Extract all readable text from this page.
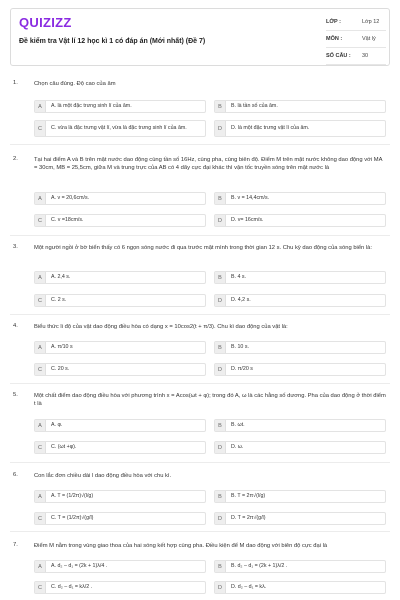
QUIZIZZ
Đề kiểm tra Vật lí 12 học kì 1 có đáp án (Mới nhất) (Đề 7)
LỚP :	Lớp 12
MÔN :	Vật lý
SỐ CÂU : 30
1.	Chọn câu đúng. Độ cao của âm
A	A. là một đặc trưng sinh lí của âm.	B	B. là tần số của âm.
C	C. vừa là đặc trưng vật lí, vừa là đặc trưng sinh lí của âm.	D	D. là một đặc trưng vật lí của âm.
2.	Tại hai điểm A và B trên mặt nước dao động cùng tần số 16Hz, cùng pha, cùng biên độ. Điểm M trên mặt nước không dao động với MA = 30cm, MB = 25,5cm, giữa M và trung trực của AB có 4 dãy cực đại khác thì vận tốc truyền sóng trên mặt nước là
A	A. v = 20,6cm/s.	B	B. v = 14,4cm/s.
C	C. v =18cm/s.	D	D. v= 16cm/s.
3.	Một người ngồi ở bờ biển thấy có 6 ngọn sóng nước đi qua trước mặt mình trong thời gian 12 s. Chu kỳ dao động của sóng biển là:
A	A. 2,4 s.	B	B. 4 s.
C	C. 2 s.	D	D. 4,2 s.
4.	Biểu thức li độ của vật dao động điều hòa có dạng x = 10cos2(t + π/3). Chu kì dao động của vật là:
A	A. π/10 s	B	B. 10 s.
C	C. 20 s.	D	D. π/20 s
5.	Một chất điểm dao động điều hòa với phương trình x = Acos(ωt + φ); trong đó A, ω là các hằng số dương. Pha của dao động ở thời điểm t là
A	A. φ.	B	B. ωt.
C	C. (ωt +φ).	D	D. ω.
6.	Con lắc đơn chiều dài l dao động điều hòa với chu kì.
A	A. T = (1/2π)√(l/g)	B	B. T = 2π√(l/g)
C	C. T = (1/2π)√(g/l)	D	D. T = 2π√(g/l)
7.	Điểm M nằm trong vùng giao thoa của hai sóng kết hợp cùng pha. Điều kiện để M dao động với biên độ cực đại là
A	A. d₂ – d₁ = (2k + 1)λ/4 .	B	B. d₂ – d₁ = (2k + 1)λ/2 .
C	C. d₂ – d₁ = kλ/2 .	D	D. d₂ – d₁ = kλ.
